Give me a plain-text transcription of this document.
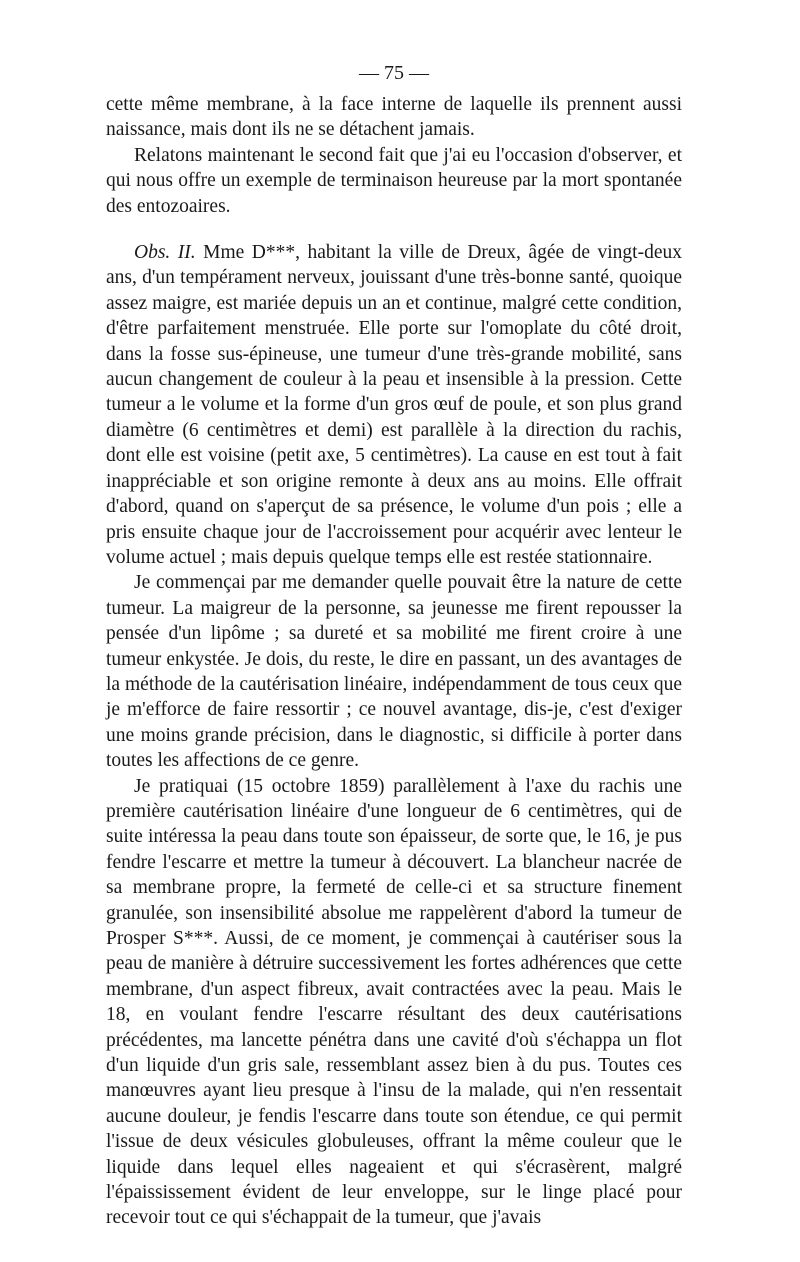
— 75 —

cette même membrane, à la face interne de laquelle ils prennent aussi naissance, mais dont ils ne se détachent jamais.

Relatons maintenant le second fait que j'ai eu l'occasion d'observer, et qui nous offre un exemple de terminaison heureuse par la mort spontanée des entozoaires.

Obs. II. Mme D***, habitant la ville de Dreux, âgée de vingt-deux ans, d'un tempérament nerveux, jouissant d'une très-bonne santé, quoique assez maigre, est mariée depuis un an et continue, malgré cette condition, d'être parfaitement menstruée. Elle porte sur l'omoplate du côté droit, dans la fosse sus-épineuse, une tumeur d'une très-grande mobilité, sans aucun changement de couleur à la peau et insensible à la pression. Cette tumeur a le volume et la forme d'un gros œuf de poule, et son plus grand diamètre (6 centimètres et demi) est parallèle à la direction du rachis, dont elle est voisine (petit axe, 5 centimètres). La cause en est tout à fait inappréciable et son origine remonte à deux ans au moins. Elle offrait d'abord, quand on s'aperçut de sa présence, le volume d'un pois ; elle a pris ensuite chaque jour de l'accroissement pour acquérir avec lenteur le volume actuel ; mais depuis quelque temps elle est restée stationnaire.

Je commençai par me demander quelle pouvait être la nature de cette tumeur. La maigreur de la personne, sa jeunesse me firent repousser la pensée d'un lipôme ; sa dureté et sa mobilité me firent croire à une tumeur enkystée. Je dois, du reste, le dire en passant, un des avantages de la méthode de la cautérisation linéaire, indépendamment de tous ceux que je m'efforce de faire ressortir ; ce nouvel avantage, dis-je, c'est d'exiger une moins grande précision, dans le diagnostic, si difficile à porter dans toutes les affections de ce genre.

Je pratiquai (15 octobre 1859) parallèlement à l'axe du rachis une première cautérisation linéaire d'une longueur de 6 centimètres, qui de suite intéressa la peau dans toute son épaisseur, de sorte que, le 16, je pus fendre l'escarre et mettre la tumeur à découvert. La blancheur nacrée de sa membrane propre, la fermeté de celle-ci et sa structure finement granulée, son insensibilité absolue me rappelèrent d'abord la tumeur de Prosper S***. Aussi, de ce moment, je commençai à cautériser sous la peau de manière à détruire successivement les fortes adhérences que cette membrane, d'un aspect fibreux, avait contractées avec la peau. Mais le 18, en voulant fendre l'escarre résultant des deux cautérisations précédentes, ma lancette pénétra dans une cavité d'où s'échappa un flot d'un liquide d'un gris sale, ressemblant assez bien à du pus. Toutes ces manœuvres ayant lieu presque à l'insu de la malade, qui n'en ressentait aucune douleur, je fendis l'escarre dans toute son étendue, ce qui permit l'issue de deux vésicules globuleuses, offrant la même couleur que le liquide dans lequel elles nageaient et qui s'écrasèrent, malgré l'épaississement évident de leur enveloppe, sur le linge placé pour recevoir tout ce qui s'échappait de la tumeur, que j'avais
